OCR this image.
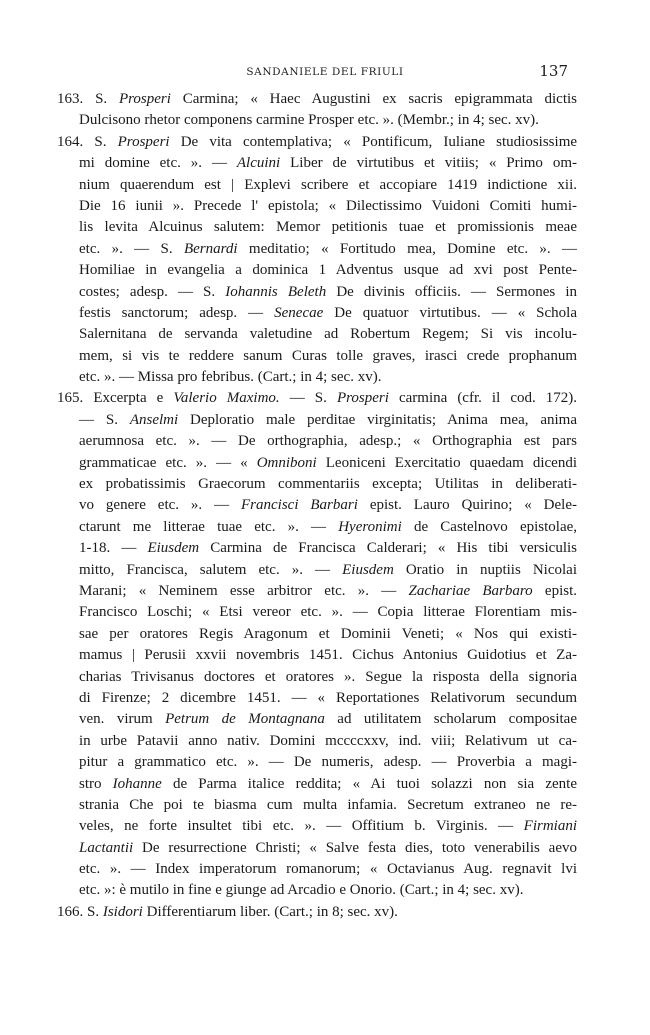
SANDANIELE DEL FRIULI	137
163. S. Prosperi Carmina; « Haec Augustini ex sacris epigrammata dictis
Dulcisono rhetor componens carmine Prosper etc. ». (Membr.; in 4; sec. xv).
164. S. Prosperi De vita contemplativa; « Pontificum, Iuliane studiosissime
mi domine etc. ». — Alcuini Liber de virtutibus et vitiis; « Primo om-
nium quaerendum est | Explevi scribere et accopiare 1419 indictione xii.
Die 16 iunii ». Precede l' epistola; « Dilectissimo Vuidoni Comiti humi-
lis levita Alcuinus salutem: Memor petitionis tuae et promissionis meae
etc. ». — S. Bernardi meditatio; « Fortitudo mea, Domine etc. ». —
Homiliae in evangelia a dominica 1 Adventus usque ad xvi post Pente-
costes; adesp. — S. Iohannis Beleth De divinis officiis. — Sermones in
festis sanctorum; adesp. — Senecae De quatuor virtutibus. — « Schola
Salernitana de servanda valetudine ad Robertum Regem; Si vis incolu-
mem, si vis te reddere sanum Curas tolle graves, irasci crede prophanum
etc. ». — Missa pro febribus. (Cart.; in 4; sec. xv).
165. Excerpta e Valerio Maximo. — S. Prosperi carmina (cfr. il cod. 172).
— S. Anselmi Deploratio male perditae virginitatis; Anima mea, anima
aerumnosa etc. ». — De orthographia, adesp.; « Orthographia est pars
grammaticae etc. ». — « Omniboni Leoniceni Exercitatio quaedam dicendi
ex probatissimis Graecorum commentariis excepta; Utilitas in deliberati-
vo genere etc. ». — Francisci Barbari epist. Lauro Quirino; « Dele-
ctarunt me litterae tuae etc. ». — Hyeronimi de Castelnovo epistolae,
1-18. — Eiusdem Carmina de Francisca Calderari; « His tibi versiculis
mitto, Francisca, salutem etc. ». — Eiusdem Oratio in nuptiis Nicolai
Marani; « Neminem esse arbitror etc. ». — Zachariae Barbaro epist.
Francisco Loschi; « Etsi vereor etc. ». — Copia litterae Florentiam mis-
sae per oratores Regis Aragonum et Dominii Veneti; « Nos qui existi-
mamus | Perusii xxvii novembris 1451. Cichus Antonius Guidotius et Za-
charias Trivisanus doctores et oratores ». Segue la risposta della signoria
di Firenze; 2 dicembre 1451. — « Reportationes Relativorum secundum
ven. virum Petrum de Montagnana ad utilitatem scholarum compositae
in urbe Patavii anno nativ. Domini mccccxxv, ind. viii; Relativum ut ca-
pitur a grammatico etc. ». — De numeris, adesp. — Proverbia a magi-
stro Iohanne de Parma italice reddita; « Ai tuoi solazzi non sia zente
strania Che poi te biasma cum multa infamia. Secretum extraneo ne re-
veles, ne forte insultet tibi etc. ». — Offitium b. Virginis. — Firmiani
Lactantii De resurrectione Christi; « Salve festa dies, toto venerabilis aevo
etc. ». — Index imperatorum romanorum; « Octavianus Aug. regnavit lvi
etc. »: è mutilo in fine e giunge ad Arcadio e Onorio. (Cart.; in 4; sec. xv).
166. S. Isidori Differentiarum liber. (Cart.; in 8; sec. xv).
